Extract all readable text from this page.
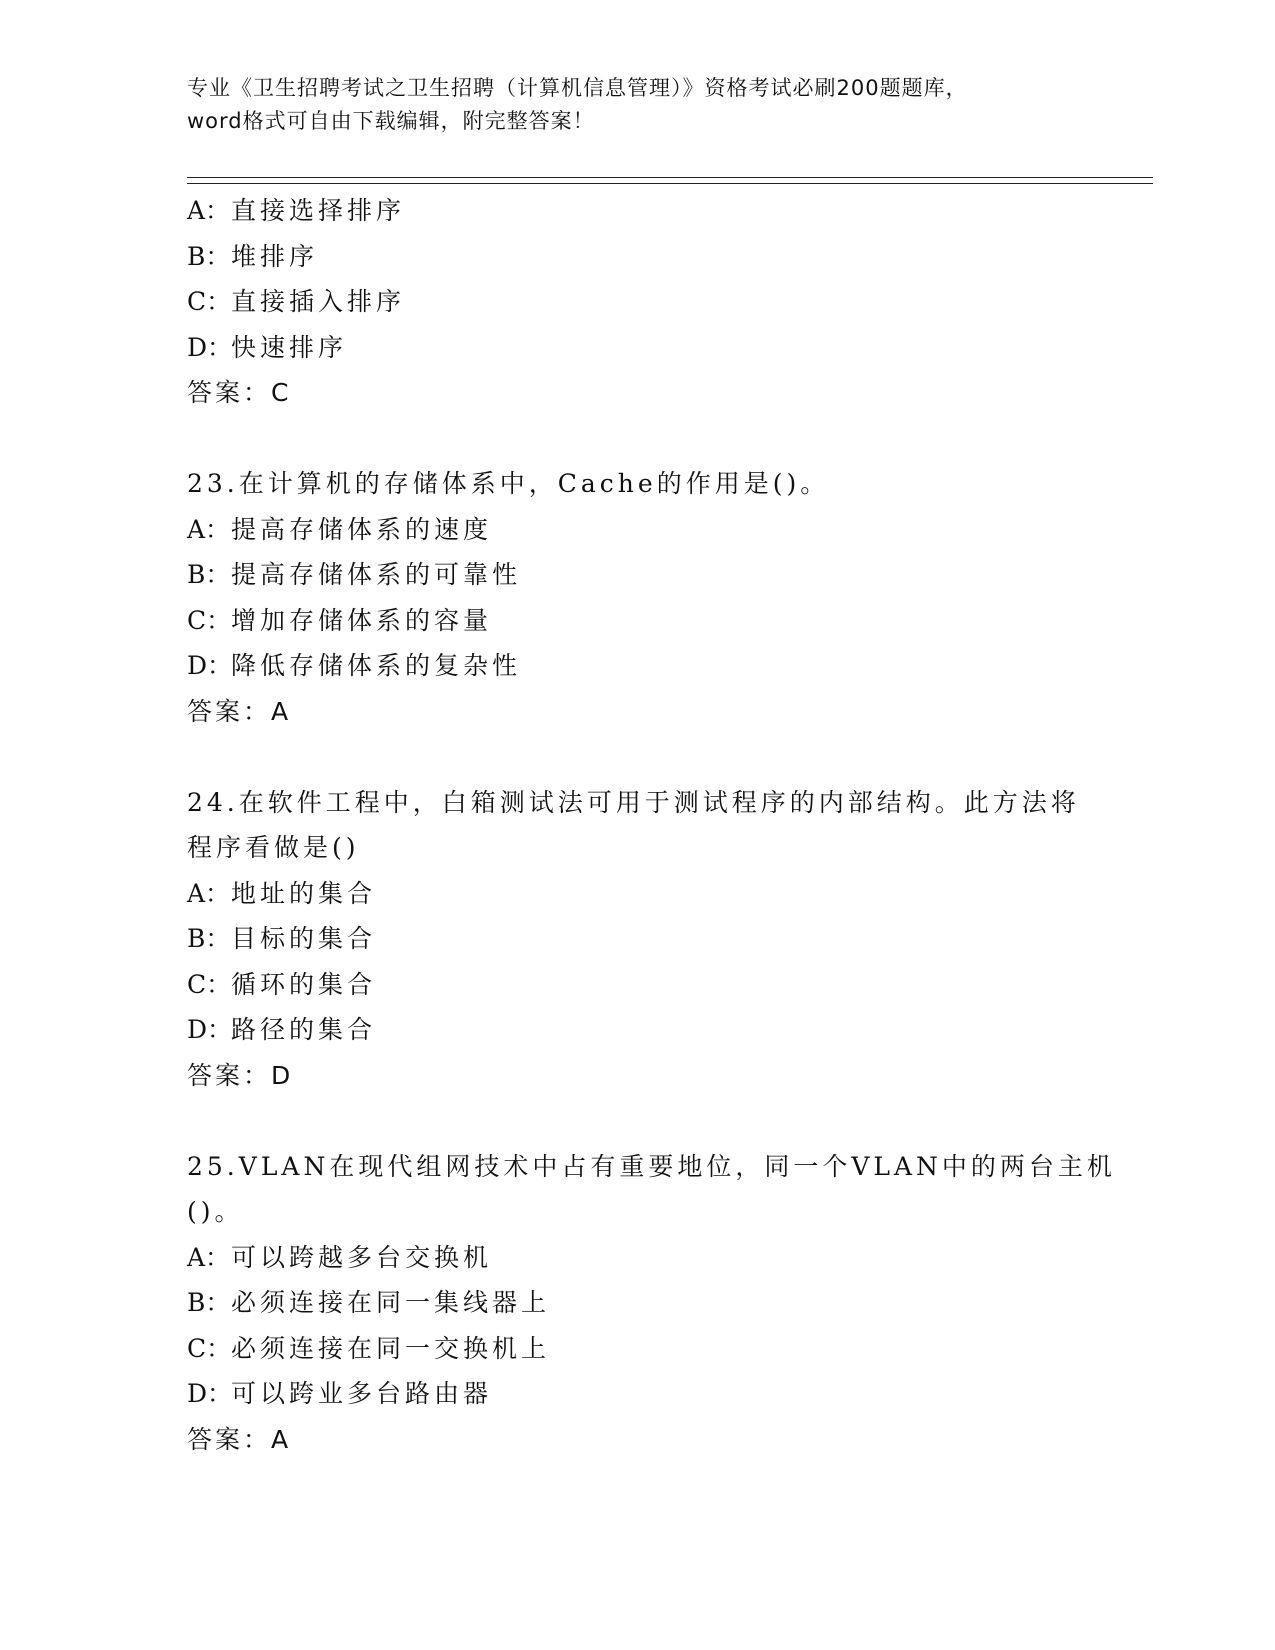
专业《卫生招聘考试之卫生招聘（计算机信息管理）》资格考试必刷200题题库，
word格式可自由下载编辑，附完整答案！
A：直接选择排序
B：堆排序
C：直接插入排序
D：快速排序
答案：C
23.在计算机的存储体系中，Cache的作用是()。
A：提高存储体系的速度
B：提高存储体系的可靠性
C：增加存储体系的容量
D：降低存储体系的复杂性
答案：A
24.在软件工程中，白箱测试法可用于测试程序的内部结构。此方法将
程序看做是()
A：地址的集合
B：目标的集合
C：循环的集合
D：路径的集合
答案：D
25.VLAN在现代组网技术中占有重要地位，同一个VLAN中的两台主机
()。
A：可以跨越多台交换机
B：必须连接在同一集线器上
C：必须连接在同一交换机上
D：可以跨业多台路由器
答案：A
